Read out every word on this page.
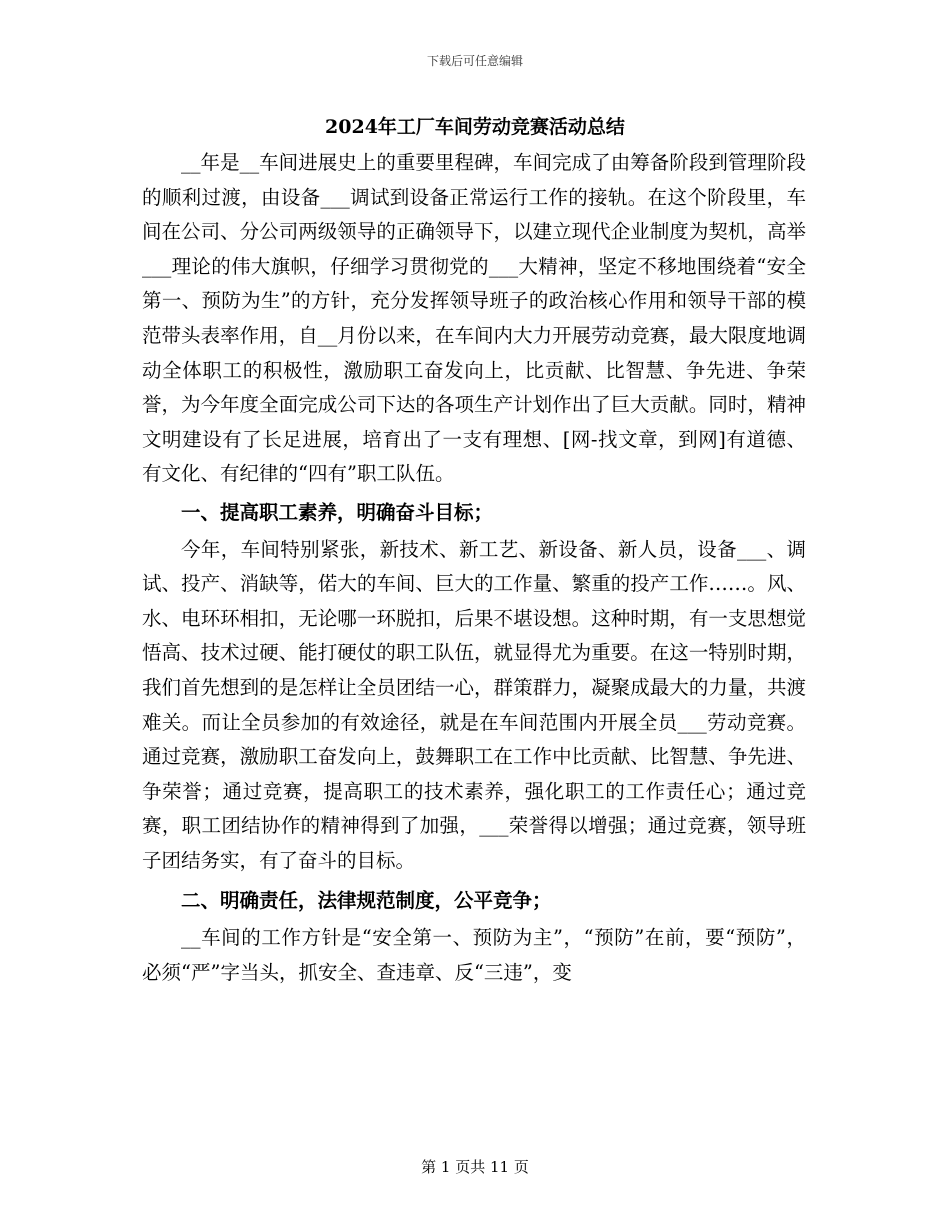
下载后可任意编辑
2024年工厂车间劳动竞赛活动总结

__年是__车间进展史上的重要里程碑，车间完成了由筹备阶段到管理阶段的顺利过渡，由设备___调试到设备正常运行工作的接轨。在这个阶段里，车间在公司、分公司两级领导的正确领导下，以建立现代企业制度为契机，高举___理论的伟大旗帜，仔细学习贯彻党的___大精神，坚定不移地围绕着“安全第一、预防为生”的方针，充分发挥领导班子的政治核心作用和领导干部的模范带头表率作用，自__月份以来，在车间内大力开展劳动竞赛，最大限度地调动全体职工的积极性，激励职工奋发向上，比贡献、比智慧、争先进、争荣誉，为今年度全面完成公司下达的各项生产计划作出了巨大贡献。同时，精神文明建设有了长足进展，培育出了一支有理想、[网-找文章，到网]有道德、有文化、有纪律的“四有”职工队伍。

一、提高职工素养，明确奋斗目标；

今年，车间特别紧张，新技术、新工艺、新设备、新人员，设备___、调试、投产、消缺等，偌大的车间、巨大的工作量、繁重的投产工作……。风、水、电环环相扣，无论哪一环脱扣，后果不堪设想。这种时期，有一支思想觉悟高、技术过硬、能打硬仗的职工队伍，就显得尤为重要。在这一特别时期，我们首先想到的是怎样让全员团结一心，群策群力，凝聚成最大的力量，共渡难关。而让全员参加的有效途径，就是在车间范围内开展全员___劳动竞赛。通过竞赛，激励职工奋发向上，鼓舞职工在工作中比贡献、比智慧、争先进、争荣誉；通过竞赛，提高职工的技术素养，强化职工的工作责任心；通过竞赛，职工团结协作的精神得到了加强，___荣誉得以增强；通过竞赛，领导班子团结务实，有了奋斗的目标。

二、明确责任，法律规范制度，公平竞争；

__车间的工作方针是“安全第一、预防为主”，“预防”在前，要“预防”，必须“严”字当头，抓安全、查违章、反“三违”，变

第 1 页共 11 页
